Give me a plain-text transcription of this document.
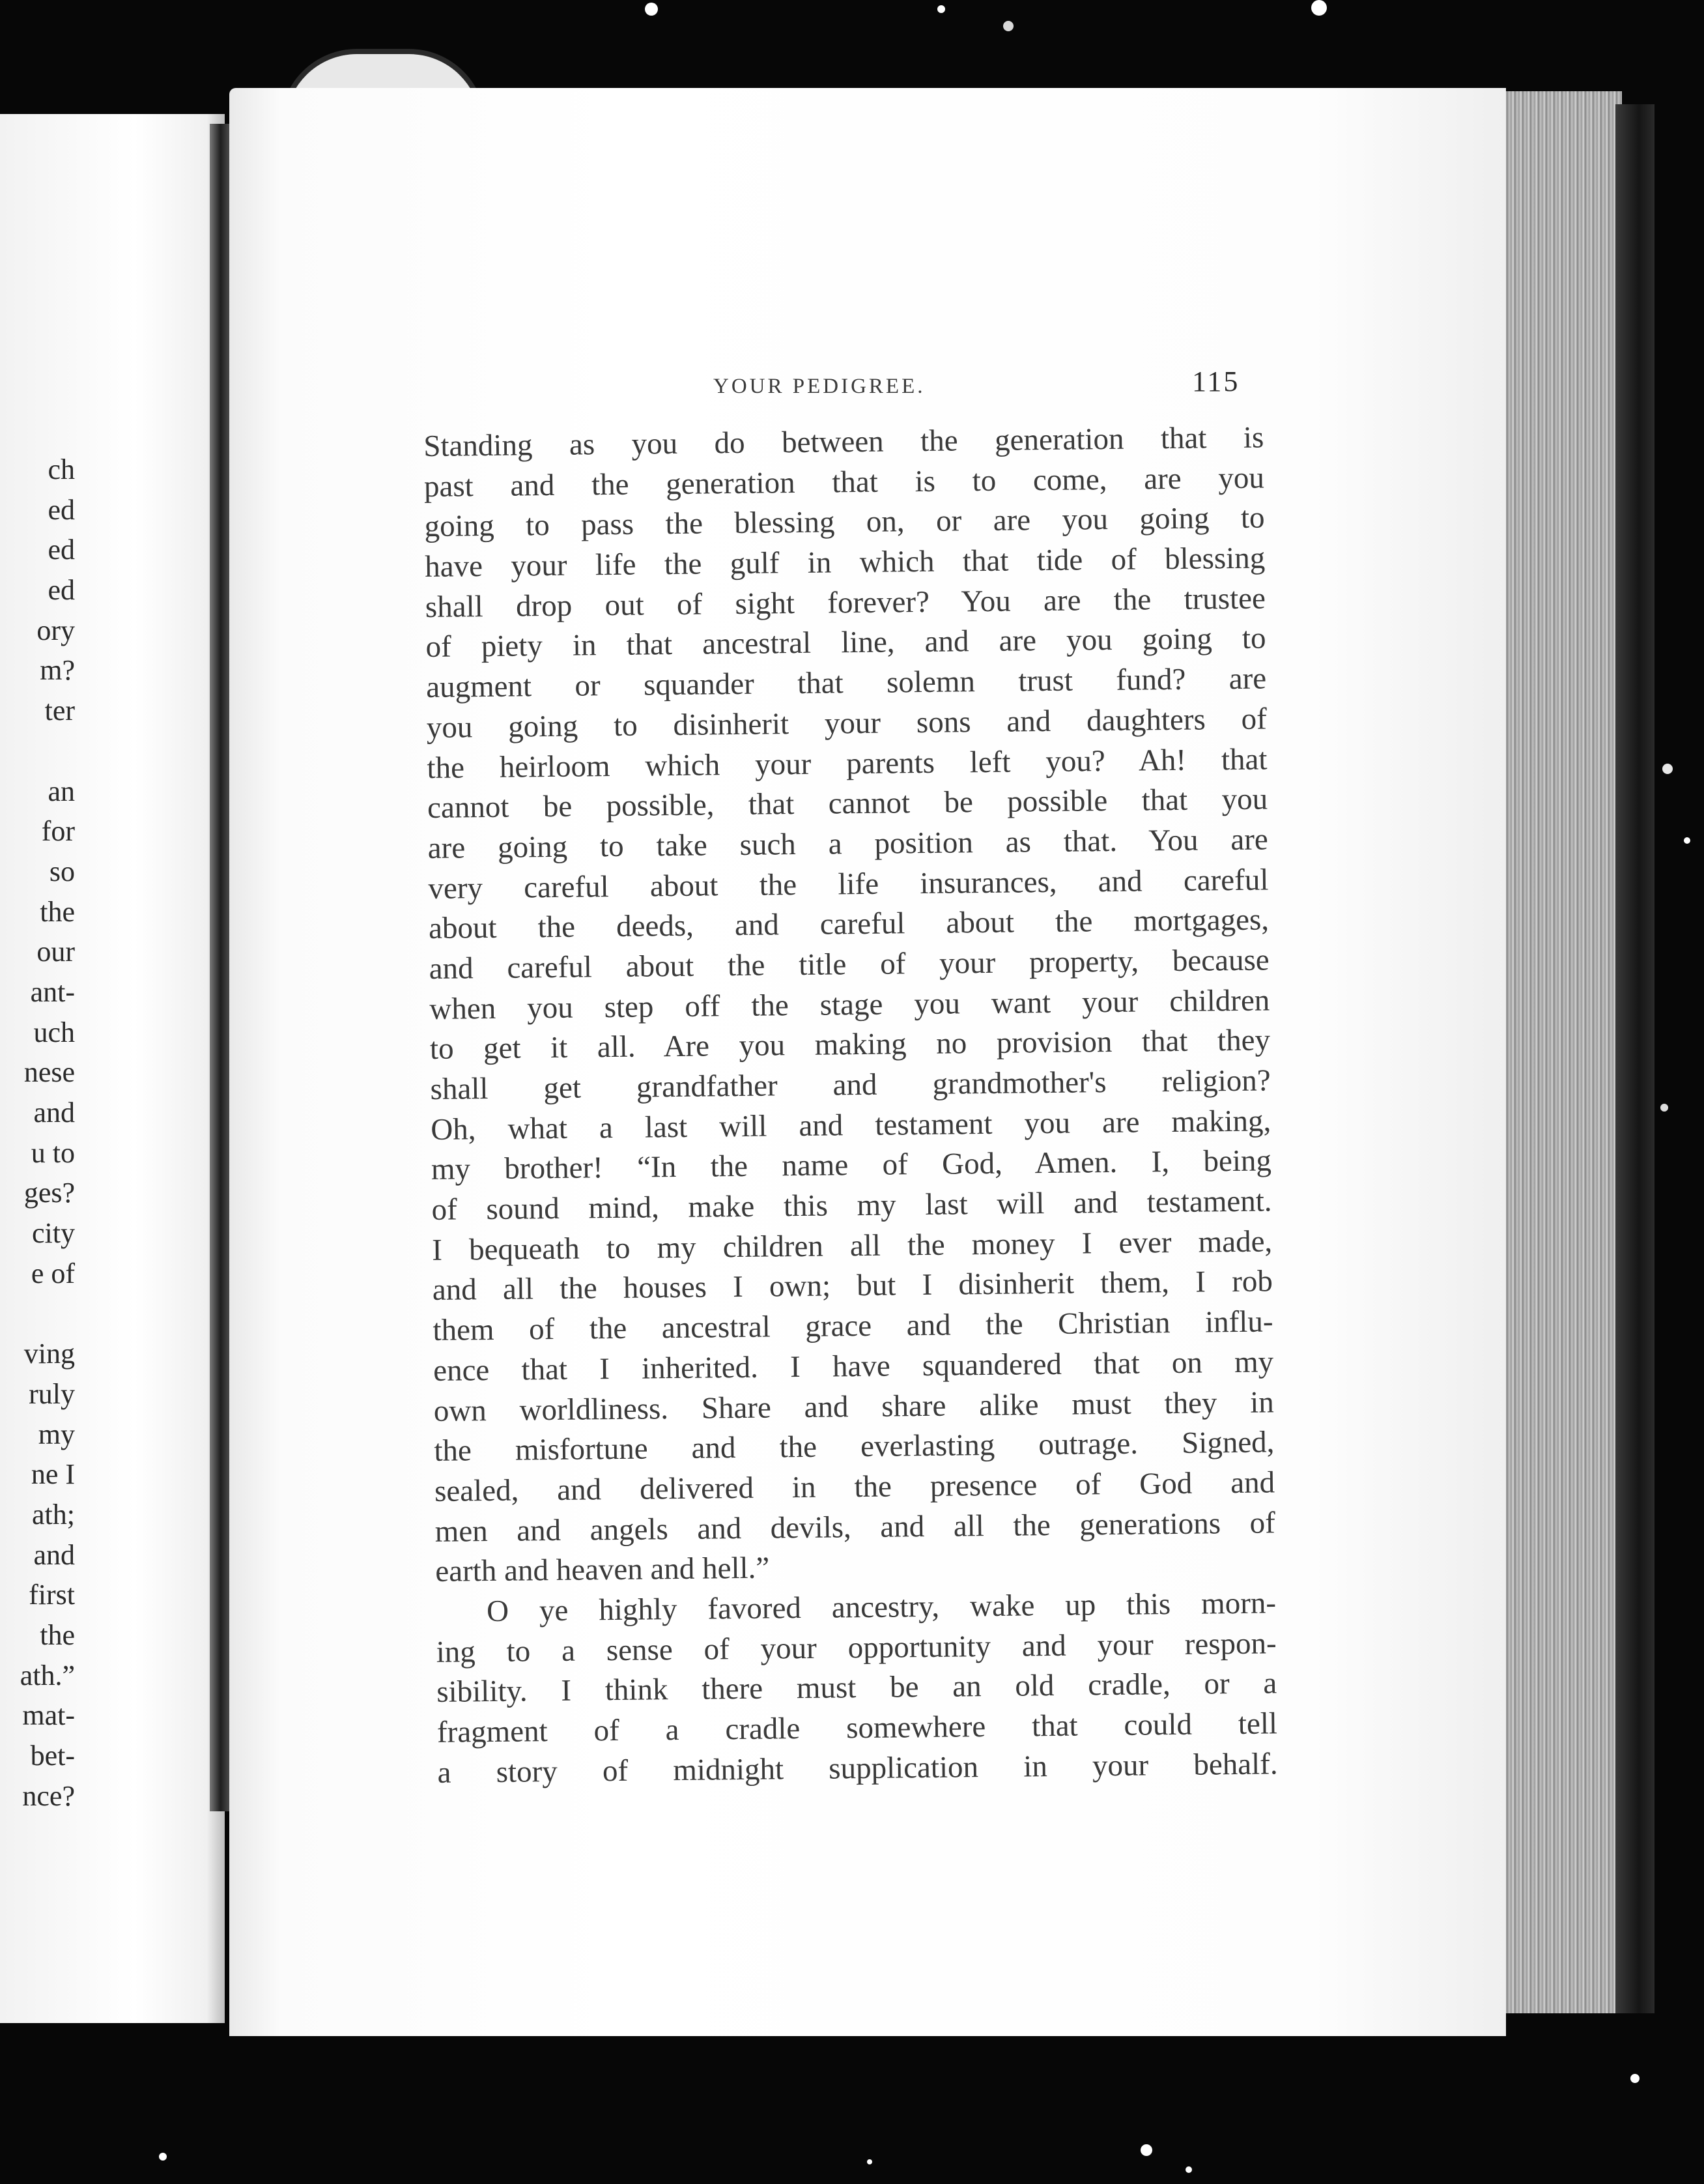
ch
ed
ed
ed
ory
m?
ter
an
for
so
the
our
ant-
uch
nese
and
u to
ges?
city
e of
ving
ruly
my
ne I
ath;
and
first
the
ath.”
mat-
bet-
nce?
YOUR PEDIGREE.	115
Standing as you do between the generation that is
past and the generation that is to come, are you
going to pass the blessing on, or are you going to
have your life the gulf in which that tide of blessing
shall drop out of sight forever? You are the trustee
of piety in that ancestral line, and are you going to
augment or squander that solemn trust fund? are
you going to disinherit your sons and daughters of
the heirloom which your parents left you? Ah! that
cannot be possible, that cannot be possible that you
are going to take such a position as that. You are
very careful about the life insurances, and careful
about the deeds, and careful about the mortgages,
and careful about the title of your property, because
when you step off the stage you want your children
to get it all. Are you making no provision that they
shall get grandfather and grandmother's religion?
Oh, what a last will and testament you are making,
my brother! “In the name of God, Amen. I, being
of sound mind, make this my last will and testament.
I bequeath to my children all the money I ever made,
and all the houses I own; but I disinherit them, I rob
them of the ancestral grace and the Christian influ-
ence that I inherited. I have squandered that on my
own worldliness. Share and share alike must they in
the misfortune and the everlasting outrage. Signed,
sealed, and delivered in the presence of God and
men and angels and devils, and all the generations of
earth and heaven and hell.”
O ye highly favored ancestry, wake up this morn-
ing to a sense of your opportunity and your respon-
sibility. I think there must be an old cradle, or a
fragment of a cradle somewhere that could tell
a story of midnight supplication in your behalf.
